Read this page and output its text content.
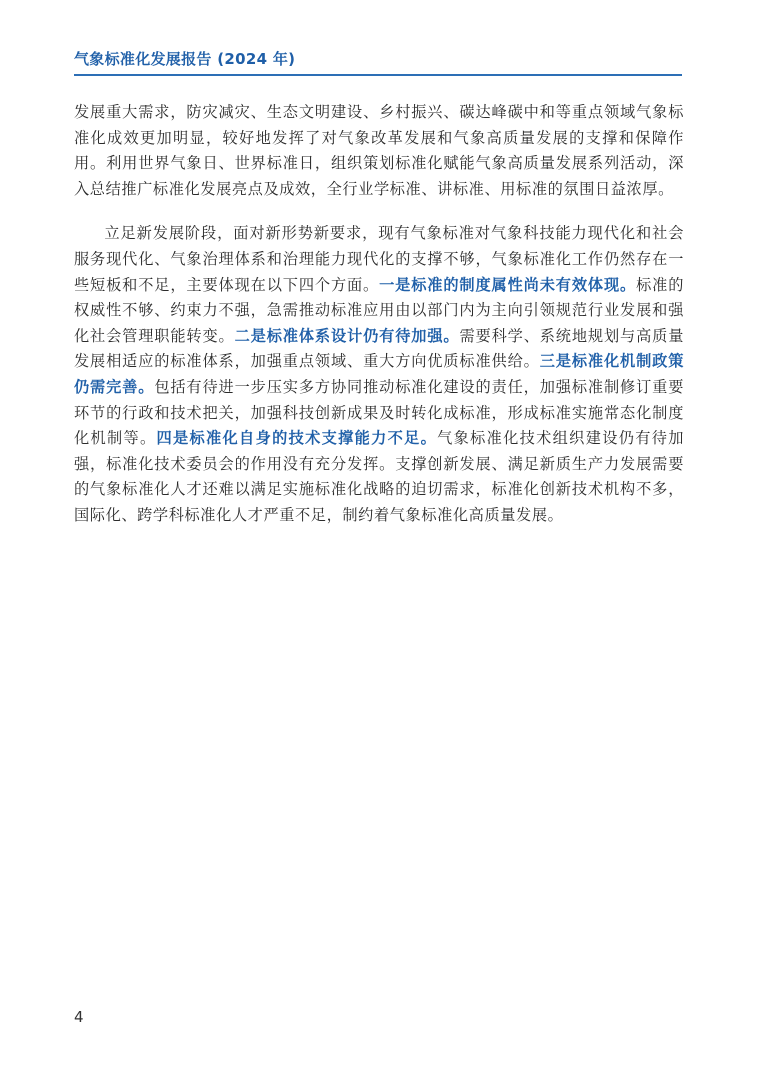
气象标准化发展报告 (2024 年)

发展重大需求，防灾减灾、生态文明建设、乡村振兴、碳达峰碳中和等重点领域气象标准化成效更加明显，较好地发挥了对气象改革发展和气象高质量发展的支撑和保障作用。利用世界气象日、世界标准日，组织策划标准化赋能气象高质量发展系列活动，深入总结推广标准化发展亮点及成效，全行业学标准、讲标准、用标准的氛围日益浓厚。

立足新发展阶段，面对新形势新要求，现有气象标准对气象科技能力现代化和社会服务现代化、气象治理体系和治理能力现代化的支撑不够，气象标准化工作仍然存在一些短板和不足，主要体现在以下四个方面。一是标准的制度属性尚未有效体现。标准的权威性不够、约束力不强，急需推动标准应用由以部门内为主向引领规范行业发展和强化社会管理职能转变。二是标准体系设计仍有待加强。需要科学、系统地规划与高质量发展相适应的标准体系，加强重点领域、重大方向优质标准供给。三是标准化机制政策仍需完善。包括有待进一步压实多方协同推动标准化建设的责任，加强标准制修订重要环节的行政和技术把关，加强科技创新成果及时转化成标准，形成标准实施常态化制度化机制等。四是标准化自身的技术支撑能力不足。气象标准化技术组织建设仍有待加强，标准化技术委员会的作用没有充分发挥。支撑创新发展、满足新质生产力发展需要的气象标准化人才还难以满足实施标准化战略的迫切需求，标准化创新技术机构不多，国际化、跨学科标准化人才严重不足，制约着气象标准化高质量发展。

4
